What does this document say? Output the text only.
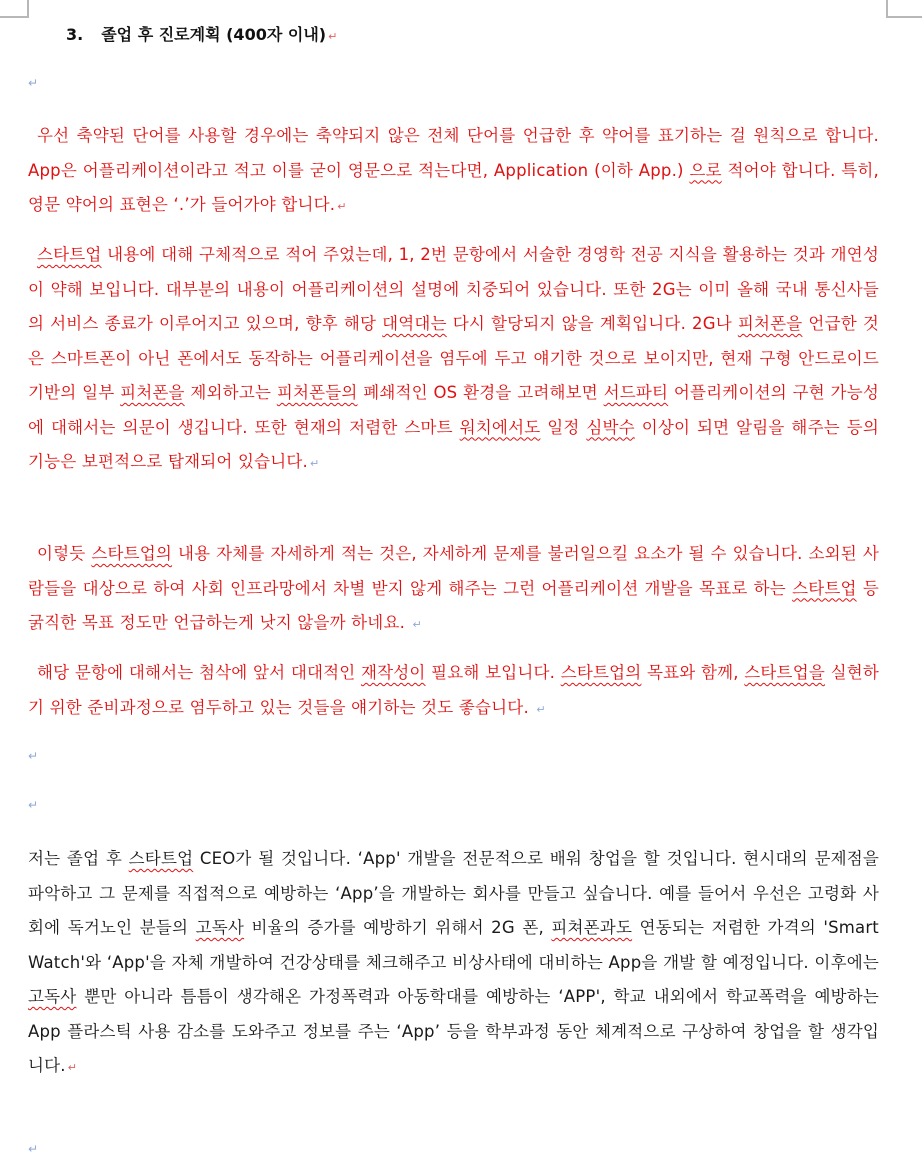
3. 졸업 후 진로계획 (400자 이내) ↵
↵
우선 축약된 단어를 사용할 경우에는 축약되지 않은 전체 단어를 언급한 후 약어를 표기하는 걸 원칙으로 합니다. App은 어플리케이션이라고 적고 이를 굳이 영문으로 적는다면, Application (이하 App.) 으로 적어야 합니다. 특히, 영문 약어의 표현은 ‘.’가 들어가야 합니다. ↵
스타트업 내용에 대해 구체적으로 적어 주었는데, 1, 2번 문항에서 서술한 경영학 전공 지식을 활용하는 것과 개연성이 약해 보입니다. 대부분의 내용이 어플리케이션의 설명에 치중되어 있습니다. 또한 2G는 이미 올해 국내 통신사들의 서비스 종료가 이루어지고 있으며, 향후 해당 대역대는 다시 할당되지 않을 계획입니다. 2G나 피처폰을 언급한 것은 스마트폰이 아닌 폰에서도 동작하는 어플리케이션을 염두에 두고 얘기한 것으로 보이지만, 현재 구형 안드로이드 기반의 일부 피처폰을 제외하고는 피처폰들의 폐쇄적인 OS 환경을 고려해보면 서드파티 어플리케이션의 구현 가능성에 대해서는 의문이 생깁니다. 또한 현재의 저렴한 스마트 워치에서도 일정 심박수 이상이 되면 알림을 해주는 등의 기능은 보편적으로 탑재되어 있습니다. ↵
이렇듯 스타트업의 내용 자체를 자세하게 적는 것은, 자세하게 문제를 불러일으킬 요소가 될 수 있습니다. 소외된 사람들을 대상으로 하여 사회 인프라망에서 차별 받지 않게 해주는 그런 어플리케이션 개발을 목표로 하는 스타트업 등 굵직한 목표 정도만 언급하는게 낫지 않을까 하네요. ↵
해당 문항에 대해서는 첨삭에 앞서 대대적인 재작성이 필요해 보입니다. 스타트업의 목표와 함께, 스타트업을 실현하기 위한 준비과정으로 염두하고 있는 것들을 얘기하는 것도 좋습니다. ↵
↵
↵
저는 졸업 후 스타트업 CEO가 될 것입니다. ‘App' 개발을 전문적으로 배워 창업을 할 것입니다. 현시대의 문제점을 파악하고 그 문제를 직접적으로 예방하는 ‘App’을 개발하는 회사를 만들고 싶습니다. 예를 들어서 우선은 고령화 사회에 독거노인 분들의 고독사 비율의 증가를 예방하기 위해서 2G 폰, 피쳐폰과도 연동되는 저렴한 가격의 'Smart Watch'와 ‘App'을 자체 개발하여 건강상태를 체크해주고 비상사태에 대비하는 App을 개발 할 예정입니다. 이후에는 고독사 뿐만 아니라 틈틈이 생각해온 가정폭력과 아동학대를 예방하는 ‘APP', 학교 내외에서 학교폭력을 예방하는 App 플라스틱 사용 감소를 도와주고 정보를 주는 ‘App’ 등을 학부과정 동안 체계적으로 구상하여 창업을 할 생각입니다. ↵
↵
